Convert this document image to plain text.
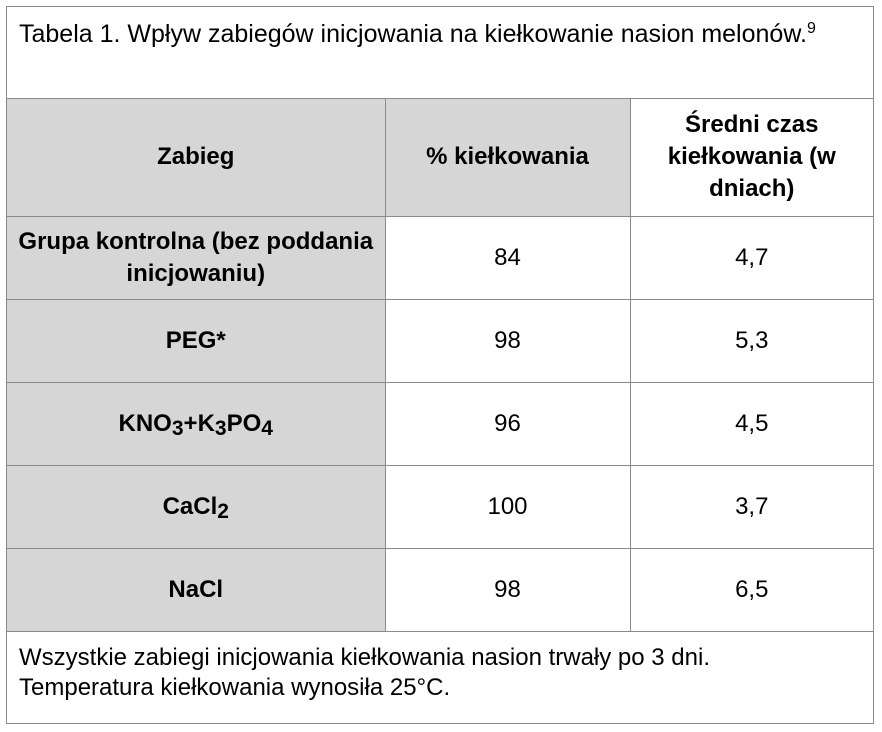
Tabela 1. Wpływ zabiegów inicjowania na kiełkowanie nasion melonów.$^9$
Zabieg	% kiełkowania	Średni czas kiełkowania (w dniach)
Grupa kontrolna (bez poddania inicjowaniu)	84	4,7
PEG*	98	5,3
$KNO_3+K_3PO_4$	96	4,5
CaCl$_2$	100	3,7
NaCl	98	6,5
Wszystkie zabiegi inicjowania kiełkowania nasion trwały po 3 dni.
Temperatura kiełkowania wynosiła 25°C.
